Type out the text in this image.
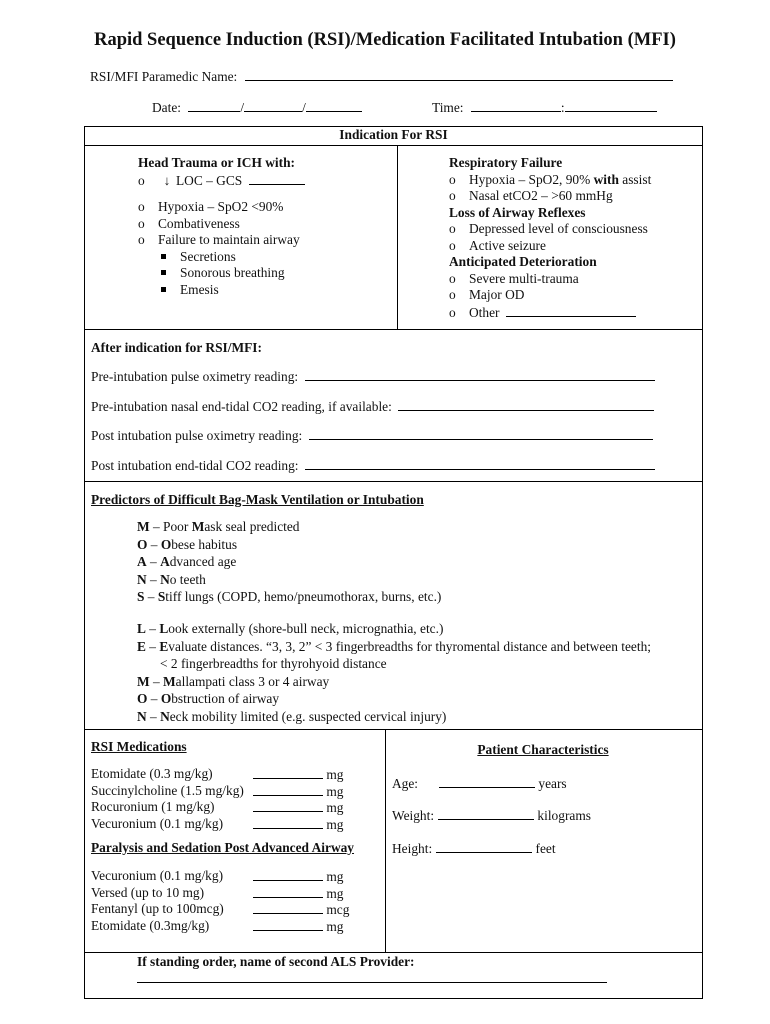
Rapid Sequence Induction (RSI)/Medication Facilitated Intubation (MFI)
RSI/MFI Paramedic Name:
Date:	/	/	Time:	:
Indication For RSI
Head Trauma or ICH with:
o ↓ LOC – GCS
o Hypoxia – SpO2 <90%
o Combativeness
o Failure to maintain airway
Secretions
Sonorous breathing
Emesis
Respiratory Failure
o Hypoxia – SpO2, 90% with assist
o Nasal etCO2 – >60 mmHg
Loss of Airway Reflexes
o Depressed level of consciousness
o Active seizure
Anticipated Deterioration
o Severe multi-trauma
o Major OD
o Other
After indication for RSI/MFI:
Pre-intubation pulse oximetry reading:
Pre-intubation nasal end-tidal CO2 reading, if available:
Post intubation pulse oximetry reading:
Post intubation end-tidal CO2 reading:
Predictors of Difficult Bag-Mask Ventilation or Intubation
M – Poor Mask seal predicted
O – Obese habitus
A – Advanced age
N – No teeth
S – Stiff lungs (COPD, hemo/pneumothorax, burns, etc.)
L – Look externally (shore-bull neck, micrognathia, etc.)
E – Evaluate distances. “3, 3, 2” < 3 fingerbreadths for thyromental distance and between teeth;
< 2 fingerbreadths for thyrohyoid distance
M – Mallampati class 3 or 4 airway
O – Obstruction of airway
N – Neck mobility limited (e.g. suspected cervical injury)
RSI Medications
Etomidate (0.3 mg/kg)	mg
Succinylcholine (1.5 mg/kg)	mg
Rocuronium (1 mg/kg)	mg
Vecuronium (0.1 mg/kg)	mg
Paralysis and Sedation Post Advanced Airway
Vecuronium (0.1 mg/kg)	mg
Versed (up to 10 mg)	mg
Fentanyl (up to 100mcg)	mcg
Etomidate (0.3mg/kg)	mg
Patient Characteristics
Age:	years
Weight:	kilograms
Height:	feet
If standing order, name of second ALS Provider:
